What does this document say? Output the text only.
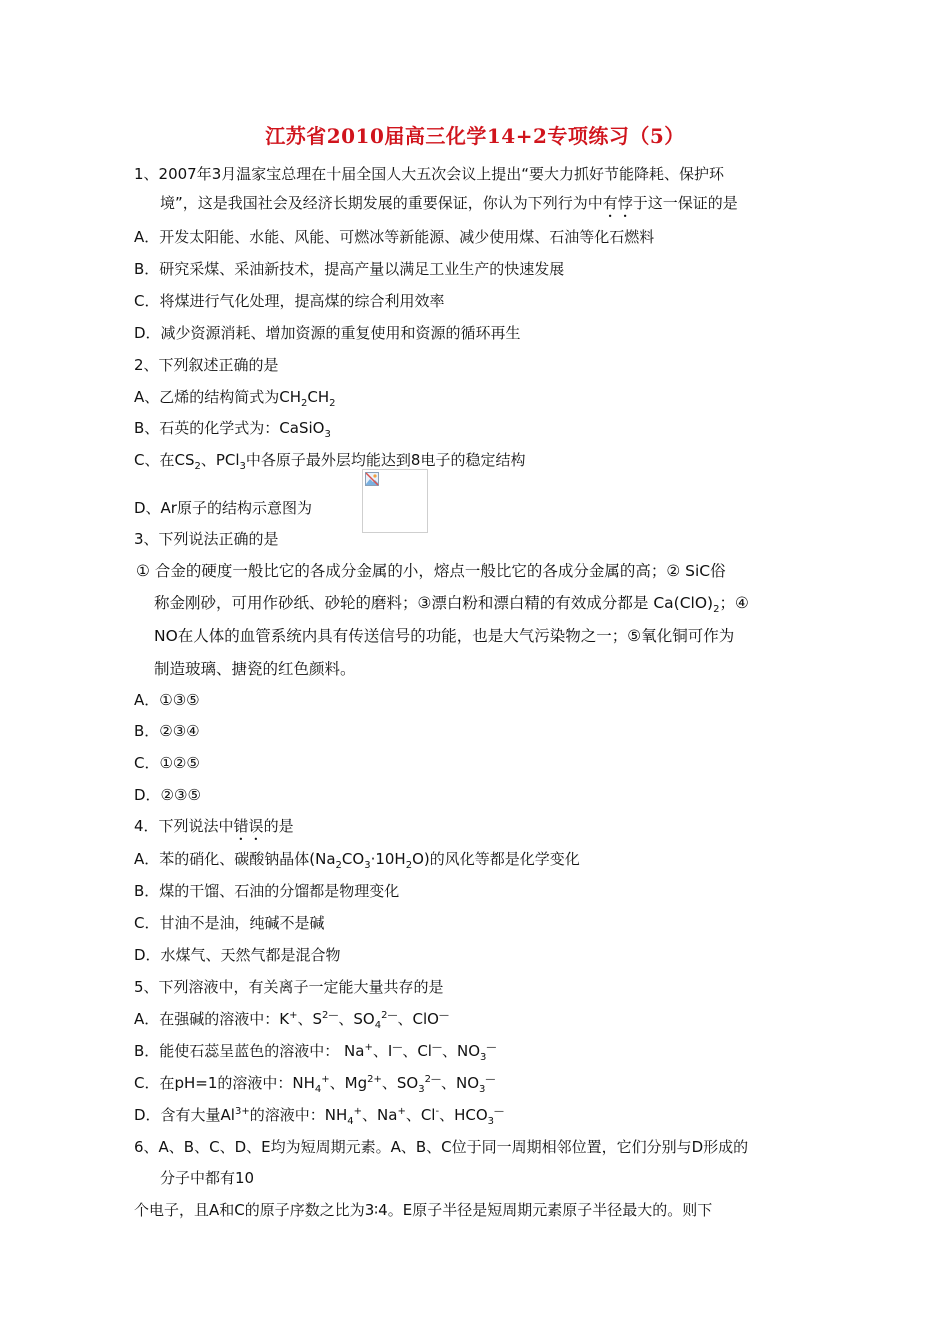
江苏省2010届高三化学14+2专项练习（5）
1、2007年3月温家宝总理在十届全国人大五次会议上提出“要大力抓好节能降耗、保护环
境”，这是我国社会及经济长期发展的重要保证，你认为下列行为中有悖于这一保证的是
A．开发太阳能、水能、风能、可燃冰等新能源、减少使用煤、石油等化石燃料
B．研究采煤、采油新技术，提高产量以满足工业生产的快速发展
C．将煤进行气化处理，提高煤的综合利用效率
D．减少资源消耗、增加资源的重复使用和资源的循环再生
2、下列叙述正确的是
A、乙烯的结构简式为$CH_2CH_2$
B、石英的化学式为：CaSiO$_3$
C、在$CS_2$、PCl$_3$中各原子最外层均能达到8电子的稳定结构
D、Ar原子的结构示意图为
3、下列说法正确的是
① 合金的硬度一般比它的各成分金属的小，熔点一般比它的各成分金属的高；② SiC俗
称金刚砂，可用作砂纸、砂轮的磨料；③漂白粉和漂白精的有效成分都是 $Ca(ClO)_2$；④
NO在人体的血管系统内具有传送信号的功能，也是大气污染物之一；⑤氧化铜可作为
制造玻璃、搪瓷的红色颜料。
A．①③⑤
B．②③④
C．①②⑤
D．②③⑤
4．下列说法中错误的是
A．苯的硝化、碳酸钠晶体$(Na_2CO_3\cdot 10H_2O)$的风化等都是化学变化
B．煤的干馏、石油的分馏都是物理变化
C．甘油不是油，纯碱不是碱
D．水煤气、天然气都是混合物
5、下列溶液中，有关离子一定能大量共存的是
A．在强碱的溶液中：K+、$S^{2—}$、$SO_4^{2—}$、ClO—
B．能使石蕊呈蓝色的溶液中： Na+、I—、Cl—、$NO_3^—$
C．在pH=1的溶液中：$NH_4^+$、$Mg^{2+}$、$SO_3^{2—}$、$NO_3^—$
D．含有大量$Al^{3+}$的溶液中：$NH_4^+$、Na+、Cl-、$HCO_3^—$
6、A、B、C、D、E均为短周期元素。A、B、C位于同一周期相邻位置，它们分别与D形成的
分子中都有10
个电子，且A和C的原子序数之比为3∶4。E原子半径是短周期元素原子半径最大的。则下
